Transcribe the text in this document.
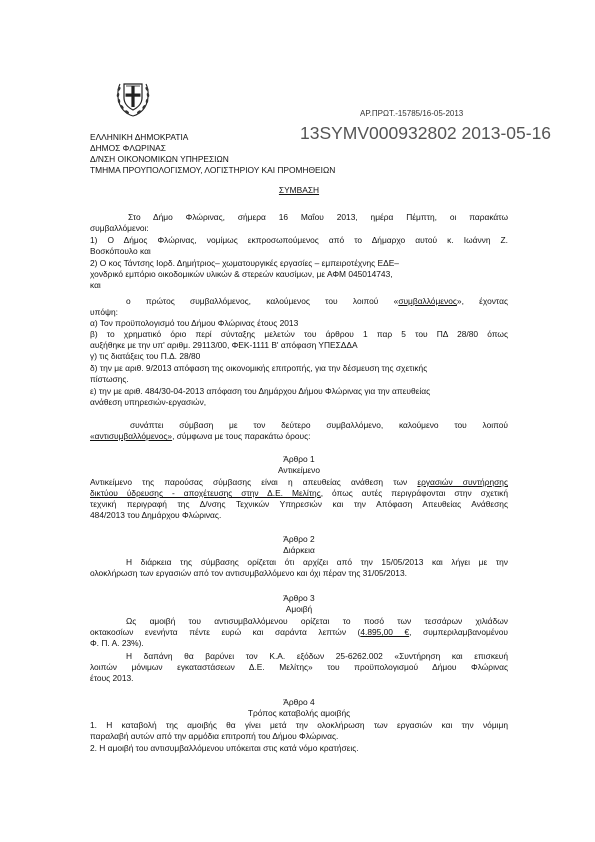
ΑΡ.ΠΡΩΤ.-15785/16-05-2013
13SYMV000932802 2013-05-16
ΕΛΛΗΝΙΚΗ ΔΗΜΟΚΡΑΤΙΑ
ΔΗΜΟΣ ΦΛΩΡΙΝΑΣ
Δ/ΝΣΗ ΟΙΚΟΝΟΜΙΚΩΝ ΥΠΗΡΕΣΙΩΝ
ΤΜΗΜΑ ΠΡΟΥΠΟΛΟΓΙΣΜΟΥ, ΛΟΓΙΣΤΗΡΙΟΥ ΚΑΙ ΠΡΟΜΗΘΕΙΩΝ
ΣΥΜΒΑΣΗ
Στο Δήμο Φλώρινας, σήμερα 16 Μαΐου 2013, ημέρα Πέμπτη, οι παρακάτω
συμβαλλόμενοι:
1) Ο Δήμος Φλώρινας, νομίμως εκπροσωπούμενος από το Δήμαρχο αυτού κ. Ιωάννη Ζ.
Βοσκόπουλο και
2) Ο κος Τάντσης Ιορδ. Δημήτριος– χωματουργικές εργασίες – εμπειροτέχνης ΕΔΕ–
χονδρικό εμπόριο οικοδομικών υλικών & στερεών καυσίμων, με ΑΦΜ 045014743,
και
ο πρώτος συμβαλλόμενος, καλούμενος του λοιπού «συμβαλλόμενος», έχοντας
υπόψη:
α) Τον προϋπολογισμό του Δήμου Φλώρινας έτους 2013
β) το χρηματικό όριο περί σύνταξης μελετών του άρθρου 1 παρ 5 του ΠΔ 28/80 όπως
αυξήθηκε με την υπ' αριθμ. 29113/00, ΦΕΚ-1111 Β' απόφαση ΥΠΕΣΔΔΑ
γ) τις διατάξεις του Π.Δ. 28/80
δ) την με αριθ. 9/2013 απόφαση της οικονομικής επιτροπής, για την δέσμευση της σχετικής
πίστωσης.
ε) την με αριθ. 484/30-04-2013 απόφαση του Δημάρχου Δήμου Φλώρινας για την απευθείας
ανάθεση υπηρεσιών-εργασιών,
συνάπτει σύμβαση με τον δεύτερο συμβαλλόμενο, καλούμενο του λοιπού
«αντισυμβαλλόμενος», σύμφωνα με τους παρακάτω όρους:
Άρθρο 1
Αντικείμενο
Αντικείμενο της παρούσας σύμβασης είναι η απευθείας ανάθεση των εργασιών συντήρησης
δικτύου ύδρευσης - αποχέτευσης στην Δ.Ε. Μελίτης, όπως αυτές περιγράφονται στην σχετική
τεχνική περιγραφή της Δ/νσης Τεχνικών Υπηρεσιών και την Απόφαση Απευθείας Ανάθεσης
484/2013 του Δημάρχου Φλώρινας.
Άρθρο 2
Διάρκεια
Η διάρκεια της σύμβασης ορίζεται ότι αρχίζει από την 15/05/2013 και λήγει με την
ολοκλήρωση των εργασιών από τον αντισυμβαλλόμενο και όχι πέραν της 31/05/2013.
Άρθρο 3
Αμοιβή
Ως αμοιβή του αντισυμβαλλόμενου ορίζεται το ποσό των τεσσάρων χιλιάδων
οκτακοσίων ενενήντα πέντε ευρώ και σαράντα λεπτών (4.895,00 €, συμπεριλαμβανομένου
Φ. Π. Α. 23%).
Η δαπάνη θα βαρύνει τον Κ.Α. εξόδων 25-6262.002 «Συντήρηση και επισκευή
λοιπών μόνιμων εγκαταστάσεων Δ.Ε. Μελίτης» του προϋπολογισμού Δήμου Φλώρινας
έτους 2013.
Άρθρο 4
Τρόπος καταβολής αμοιβής
1. Η καταβολή της αμοιβής θα γίνει μετά την ολοκλήρωση των εργασιών και την νόμιμη
παραλαβή αυτών από την αρμόδια επιτροπή του Δήμου Φλώρινας.
2. Η αμοιβή του αντισυμβαλλόμενου υπόκειται στις κατά νόμο κρατήσεις.
